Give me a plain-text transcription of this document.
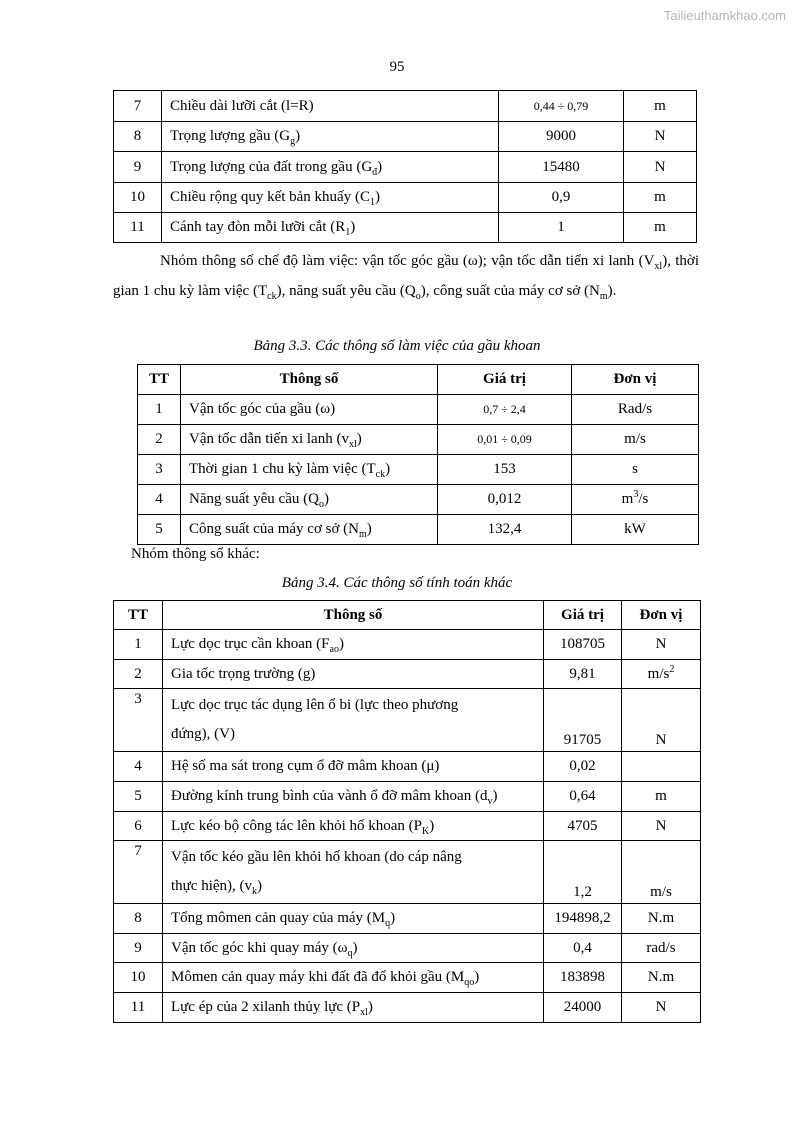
Tailieuthamkhao.com
95
7	Chiều dài lưỡi cắt (l=R)	0,44 ÷ 0,79	m
8	Trọng lượng gầu $(G_g)$	9000	N
9	Trọng lượng của đất trong gầu $(G_đ)$	15480	N
10	Chiều rộng quy kết bản khuấy $(C_1)$	0,9	m
11	Cánh tay đòn mỗi lưỡi cắt $(R_1)$	1	m

Nhóm thông số chế độ làm việc: vận tốc góc gầu (ω); vận tốc dẫn tiến xi lanh $(V_{xl})$, thời gian 1 chu kỳ làm việc $(T_{ck})$, năng suất yêu cầu $(Q_o)$, công suất của máy cơ sở $(N_m)$.

Bảng 3.3. Các thông số làm việc của gầu khoan
TT	Thông số	Giá trị	Đơn vị
1	Vận tốc góc của gầu (ω)	0,7 ÷ 2,4	Rad/s
2	Vận tốc dẫn tiến xi lanh $(v_{xl})$	0,01 ÷ 0,09	m/s
3	Thời gian 1 chu kỳ làm việc $(T_{ck})$	153	s
4	Năng suất yêu cầu $(Q_o)$	0,012	$m^3/s$
5	Công suất của máy cơ sở $(N_m)$	132,4	kW

Nhóm thông số khác:

Bảng 3.4. Các thông số tính toán khác
TT	Thông số	Giá trị	Đơn vị
1	Lực dọc trục cần khoan $(F_{ao})$	108705	N
2	Gia tốc trọng trường (g)	9,81	$m/s^2$
3	Lực dọc trục tác dụng lên ổ bi (lực theo phương
đứng), (V)	91705	N
4	Hệ số ma sát trong cụm ổ đỡ mâm khoan (μ)	0,02	
5	Đường kính trung bình của vành ổ đỡ mâm khoan $(d_v)$	0,64	m
6	Lực kéo bộ công tác lên khỏi hố khoan $(P_K)$	4705	N
7	Vận tốc kéo gầu lên khỏi hố khoan (do cáp nâng
thực hiện), $(v_k)$	1,2	m/s
8	Tổng mômen cản quay của máy $(M_q)$	194898,2	N.m
9	Vận tốc góc khi quay máy $(\omega_q)$	0,4	rad/s
10	Mômen cản quay máy khi đất đã đổ khỏi gầu $(M_{qo})$	183898	N.m
11	Lực ép của 2 xilanh thủy lực $(P_{xl})$	24000	N
